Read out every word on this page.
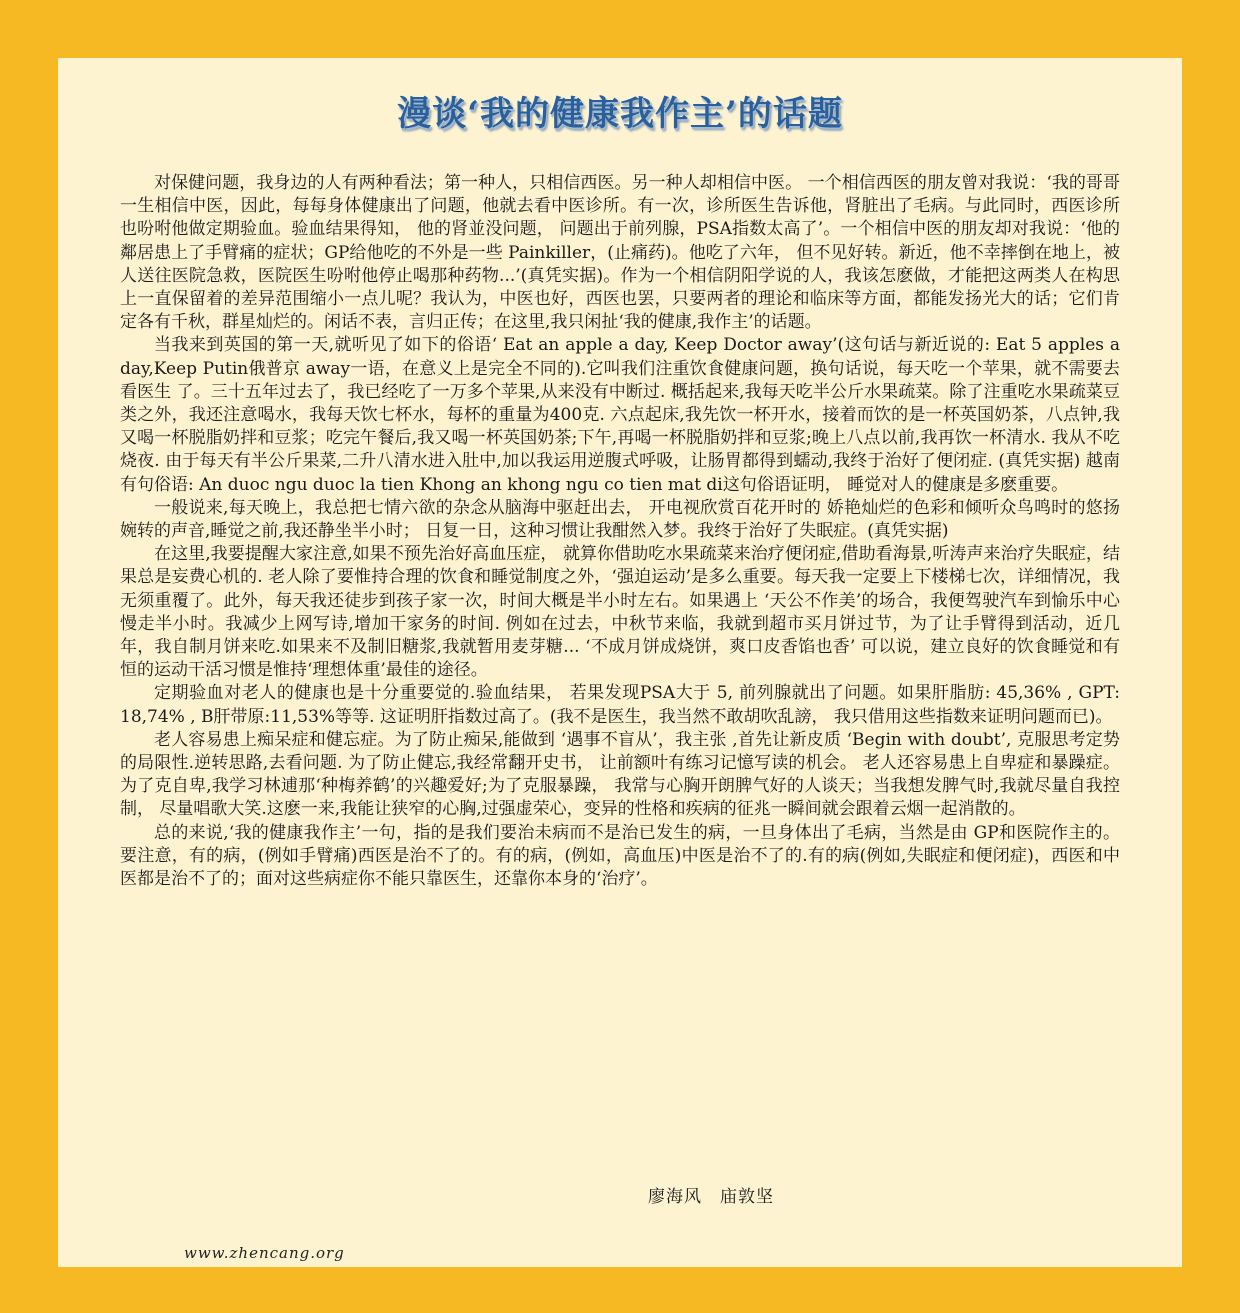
漫谈‘我的健康我作主’的话题

对保健问题，我身边的人有两种看法；第一种人，只相信西医。另一种人却相信中医。 一个相信西医的朋友曾对我说：‘我的哥哥一生相信中医，因此，每每身体健康出了问题，他就去看中医诊所。有一次，诊所医生告诉他，肾脏出了毛病。与此同时，西医诊所也吩咐他做定期验血。验血结果得知， 他的肾並没问题， 问题出于前列腺，PSA指数太高了’。一个相信中医的朋友却对我说：‘他的鄰居患上了手臂痛的症状；GP给他吃的不外是一些 Painkiller，(止痛药)。他吃了六年， 但不见好转。新近，他不幸摔倒在地上，被人送往医院急救，医院医生吩咐他停止喝那种药物...’(真凭实据)。作为一个相信阴阳学说的人，我该怎麽做，才能把这两类人在构思上一直保留着的差异范围缩小一点儿呢？我认为，中医也好，西医也罢，只要两者的理论和临床等方面，都能发扬光大的话；它们肯定各有千秋，群星灿烂的。闲话不表，言归正传；在这里,我只闲扯‘我的健康,我作主’的话题。

当我来到英国的第一天,就听见了如下的俗语‘ Eat an apple a day, Keep Doctor away’(这句话与新近说的: Eat 5 apples a day,Keep Putin俄普京 away一语，在意义上是完全不同的).它叫我们注重饮食健康问题，换句话说，每天吃一个苹果，就不需要去看医生 了。三十五年过去了，我已经吃了一万多个苹果,从来没有中断过. 概括起来,我每天吃半公斤水果疏菜。除了注重吃水果疏菜豆类之外，我还注意喝水，我每天饮七杯水，每杯的重量为400克. 六点起床,我先饮一杯开水，接着而饮的是一杯英国奶茶，八点钟,我又喝一杯脱脂奶拌和豆浆；吃完午餐后,我又喝一杯英国奶茶;下午,再喝一杯脱脂奶拌和豆浆;晚上八点以前,我再饮一杯清水. 我从不吃烧夜. 由于每天有半公斤果菜,二升八清水进入肚中,加以我运用逆腹式呼吸，让肠胃都得到蠕动,我终于治好了便闭症. (真凭实据) 越南有句俗语: An duoc ngu duoc la tien Khong an khong ngu co tien mat di这句俗语证明， 睡觉对人的健康是多麽重要。

一般说来,每天晚上，我总把七情六欲的杂念从脑海中驱赶出去， 开电视欣赏百花开时的 娇艳灿烂的色彩和倾听众鸟鸣时的悠扬婉转的声音,睡觉之前,我还静坐半小时； 日复一日，这种习惯让我酣然入梦。我终于治好了失眠症。(真凭实据)

在这里,我要提醒大家注意,如果不预先治好高血压症， 就算你借助吃水果疏菜来治疗便闭症,借助看海景,听涛声来治疗失眠症，结果总是妄费心机的. 老人除了要惟持合理的饮食和睡觉制度之外，‘强迫运动’是多么重要。每天我一定要上下楼梯七次，详细情况，我无须重覆了。此外，每天我还徒步到孩子家一次，时间大概是半小时左右。如果遇上 ‘天公不作美’的场合，我便驾驶汽车到愉乐中心慢走半小时。我减少上网写诗,增加干家务的时间. 例如在过去，中秋节来临，我就到超市买月饼过节，为了让手臂得到活动，近几年，我自制月饼来吃.如果来不及制旧糖浆,我就暂用麦芽糖... ‘不成月饼成烧饼，爽口皮香馅也香’ 可以说，建立良好的饮食睡觉和有恒的运动干活习惯是惟持‘理想体重’最佳的途径。

定期验血对老人的健康也是十分重要觉的.验血结果， 若果发现PSA大于 5, 前列腺就出了问题。如果肝脂肪: 45,36% , GPT: 18,74% , B肝带原:11,53%等等. 这证明肝指数过高了。(我不是医生，我当然不敢胡吹乱謗， 我只借用这些指数来证明问题而已)。

老人容易患上痴呆症和健忘症。为了防止痴呆,能做到 ‘遇事不盲从’，我主张 ,首先让新皮质 ‘Begin with doubt’, 克服思考定势的局限性.逆转思路,去看问题. 为了防止健忘,我经常翻开史书， 让前额叶有练习记憶写读的机会。 老人还容易患上自卑症和暴躁症。为了克自卑,我学习林逋那‘种梅养鹤’的兴趣爱好;为了克服暴躁， 我常与心胸开朗脾气好的人谈天；当我想发脾气时,我就尽量自我控制， 尽量唱歌大笑.这麽一来,我能让狭窄的心胸,过强虚荣心，变异的性格和疾病的征兆一瞬间就会跟着云烟一起消散的。

总的来说,‘我的健康我作主’一句，指的是我们要治未病而不是治已发生的病，一旦身体出了毛病，当然是由 GP和医院作主的。 要注意，有的病，(例如手臂痛)西医是治不了的。有的病，(例如，高血压)中医是治不了的.有的病(例如,失眠症和便闭症)，西医和中医都是治不了的；面对这些病症你不能只靠医生，还靠你本身的‘治疗’。

廖海风　庙敦坚
www.zhencang.org
